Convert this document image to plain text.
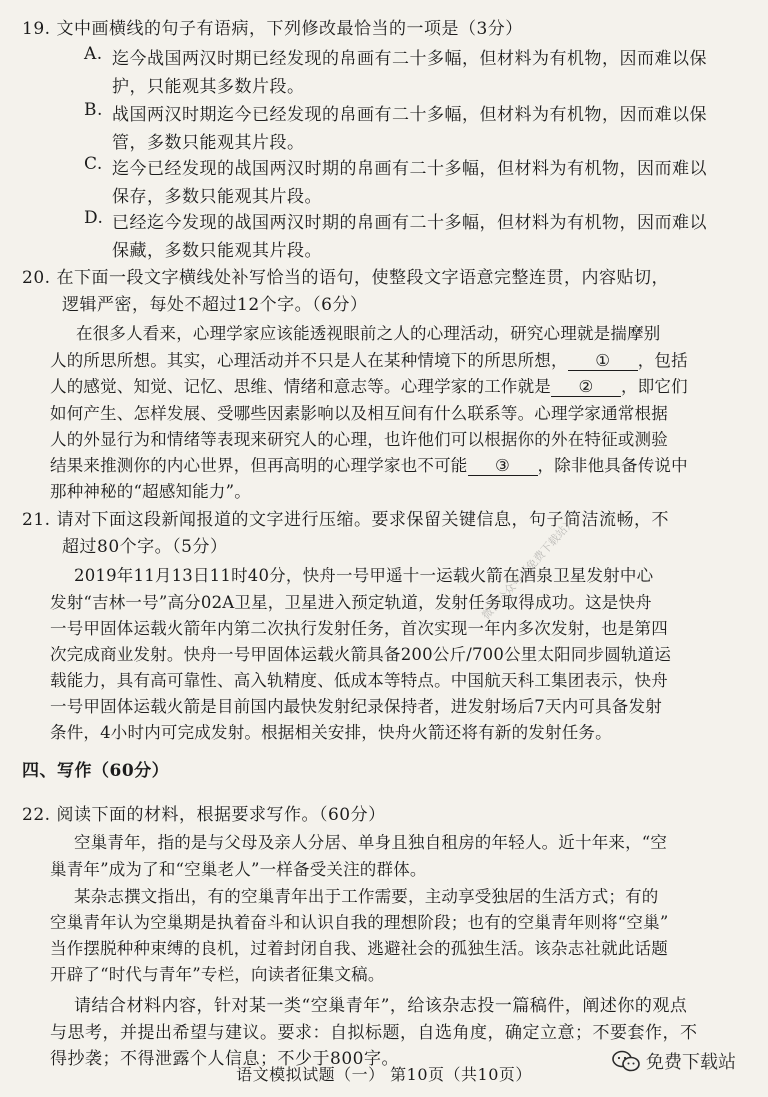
19. 文中画横线的句子有语病，下列修改最恰当的一项是（3分）
A. 迄今战国两汉时期已经发现的帛画有二十多幅，但材料为有机物，因而难以保
护，只能观其多数片段。
B. 战国两汉时期迄今已经发现的帛画有二十多幅，但材料为有机物，因而难以保
管，多数只能观其片段。
C. 迄今已经发现的战国两汉时期的帛画有二十多幅，但材料为有机物，因而难以
保存，多数只能观其片段。
D. 已经迄今发现的战国两汉时期的帛画有二十多幅，但材料为有机物，因而难以
保藏，多数只能观其片段。
20. 在下面一段文字横线处补写恰当的语句，使整段文字语意完整连贯，内容贴切，
逻辑严密，每处不超过12个字。（6分）
在很多人看来，心理学家应该能透视眼前之人的心理活动，研究心理就是揣摩别
人的所思所想。其实，心理活动并不只是人在某种情境下的所思所想， ① ，包括
人的感觉、知觉、记忆、思维、情绪和意志等。心理学家的工作就是 ② ，即它们
如何产生、怎样发展、受哪些因素影响以及相互间有什么联系等。心理学家通常根据
人的外显行为和情绪等表现来研究人的心理，也许他们可以根据你的外在特征或测验
结果来推测你的内心世界，但再高明的心理学家也不可能 ③ ，除非他具备传说中
那种神秘的“超感知能力”。
21. 请对下面这段新闻报道的文字进行压缩。要求保留关键信息，句子简洁流畅，不
超过80个字。（5分）
2019年11月13日11时40分，快舟一号甲遥十一运载火箭在酒泉卫星发射中心
发射“吉林一号”高分02A卫星，卫星进入预定轨道，发射任务取得成功。这是快舟
一号甲固体运载火箭年内第二次执行发射任务，首次实现一年内多次发射，也是第四
次完成商业发射。快舟一号甲固体运载火箭具备200公斤/700公里太阳同步圆轨道运
载能力，具有高可靠性、高入轨精度、低成本等特点。中国航天科工集团表示，快舟
一号甲固体运载火箭是目前国内最快发射纪录保持者，进发射场后7天内可具备发射
条件，4小时内可完成发射。根据相关安排，快舟火箭还将有新的发射任务。
微信公众号（免费下载站）
四、写作（60分）
22. 阅读下面的材料，根据要求写作。（60分）
空巢青年，指的是与父母及亲人分居、单身且独自租房的年轻人。近十年来，“空
巢青年”成为了和“空巢老人”一样备受关注的群体。
某杂志撰文指出，有的空巢青年出于工作需要，主动享受独居的生活方式；有的
空巢青年认为空巢期是执着奋斗和认识自我的理想阶段；也有的空巢青年则将“空巢”
当作摆脱种种束缚的良机，过着封闭自我、逃避社会的孤独生活。该杂志社就此话题
开辟了“时代与青年”专栏，向读者征集文稿。
请结合材料内容，针对某一类“空巢青年”，给该杂志投一篇稿件，阐述你的观点
与思考，并提出希望与建议。要求：自拟标题，自选角度，确定立意；不要套作，不
得抄袭；不得泄露个人信息；不少于800字。
语文模拟试题（一） 第10页（共10页）
免费下载站
